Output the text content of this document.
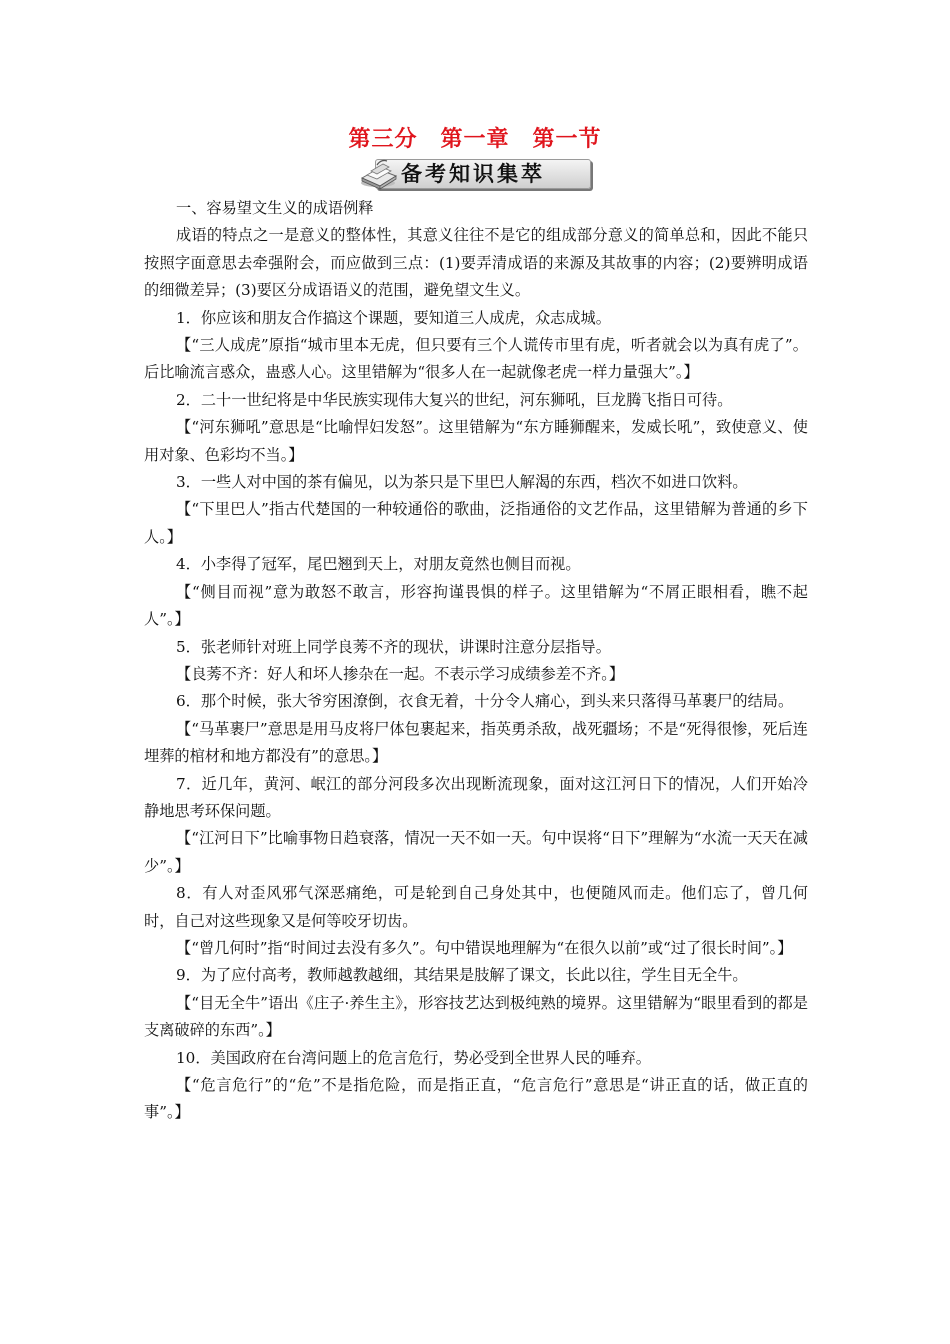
第三分　第一章　第一节
备考知识集萃

一、容易望文生义的成语例释

成语的特点之一是意义的整体性，其意义往往不是它的组成部分意义的简单总和，因此不能只按照字面意思去牵强附会，而应做到三点：(1)要弄清成语的来源及其故事的内容；(2)要辨明成语的细微差异；(3)要区分成语语义的范围，避免望文生义。

1．你应该和朋友合作搞这个课题，要知道三人成虎，众志成城。

【“三人成虎”原指“城市里本无虎，但只要有三个人谎传市里有虎，听者就会以为真有虎了”。后比喻流言惑众，蛊惑人心。这里错解为“很多人在一起就像老虎一样力量强大”。】

2．二十一世纪将是中华民族实现伟大复兴的世纪，河东狮吼，巨龙腾飞指日可待。

【“河东狮吼”意思是“比喻悍妇发怒”。这里错解为“东方睡狮醒来，发威长吼”，致使意义、使用对象、色彩均不当。】

3．一些人对中国的茶有偏见，以为茶只是下里巴人解渴的东西，档次不如进口饮料。

【“下里巴人”指古代楚国的一种较通俗的歌曲，泛指通俗的文艺作品，这里错解为普通的乡下人。】

4．小李得了冠军，尾巴翘到天上，对朋友竟然也侧目而视。

【“侧目而视”意为敢怒不敢言，形容拘谨畏惧的样子。这里错解为“不屑正眼相看，瞧不起人”。】

5．张老师针对班上同学良莠不齐的现状，讲课时注意分层指导。

【良莠不齐：好人和坏人掺杂在一起。不表示学习成绩参差不齐。】

6．那个时候，张大爷穷困潦倒，衣食无着，十分令人痛心，到头来只落得马革裹尸的结局。

【“马革裹尸”意思是用马皮将尸体包裹起来，指英勇杀敌，战死疆场；不是“死得很惨，死后连埋葬的棺材和地方都没有”的意思。】

7．近几年，黄河、岷江的部分河段多次出现断流现象，面对这江河日下的情况，人们开始冷静地思考环保问题。

【“江河日下”比喻事物日趋衰落，情况一天不如一天。句中误将“日下”理解为“水流一天天在减少”。】

8．有人对歪风邪气深恶痛绝，可是轮到自己身处其中，也便随风而走。他们忘了，曾几何时，自己对这些现象又是何等咬牙切齿。

【“曾几何时”指“时间过去没有多久”。句中错误地理解为“在很久以前”或“过了很长时间”。】

9．为了应付高考，教师越教越细，其结果是肢解了课文，长此以往，学生目无全牛。

【“目无全牛”语出《庄子·养生主》，形容技艺达到极纯熟的境界。这里错解为“眼里看到的都是支离破碎的东西”。】

10．美国政府在台湾问题上的危言危行，势必受到全世界人民的唾弃。

【“危言危行”的“危”不是指危险，而是指正直，“危言危行”意思是“讲正直的话，做正直的事”。】
